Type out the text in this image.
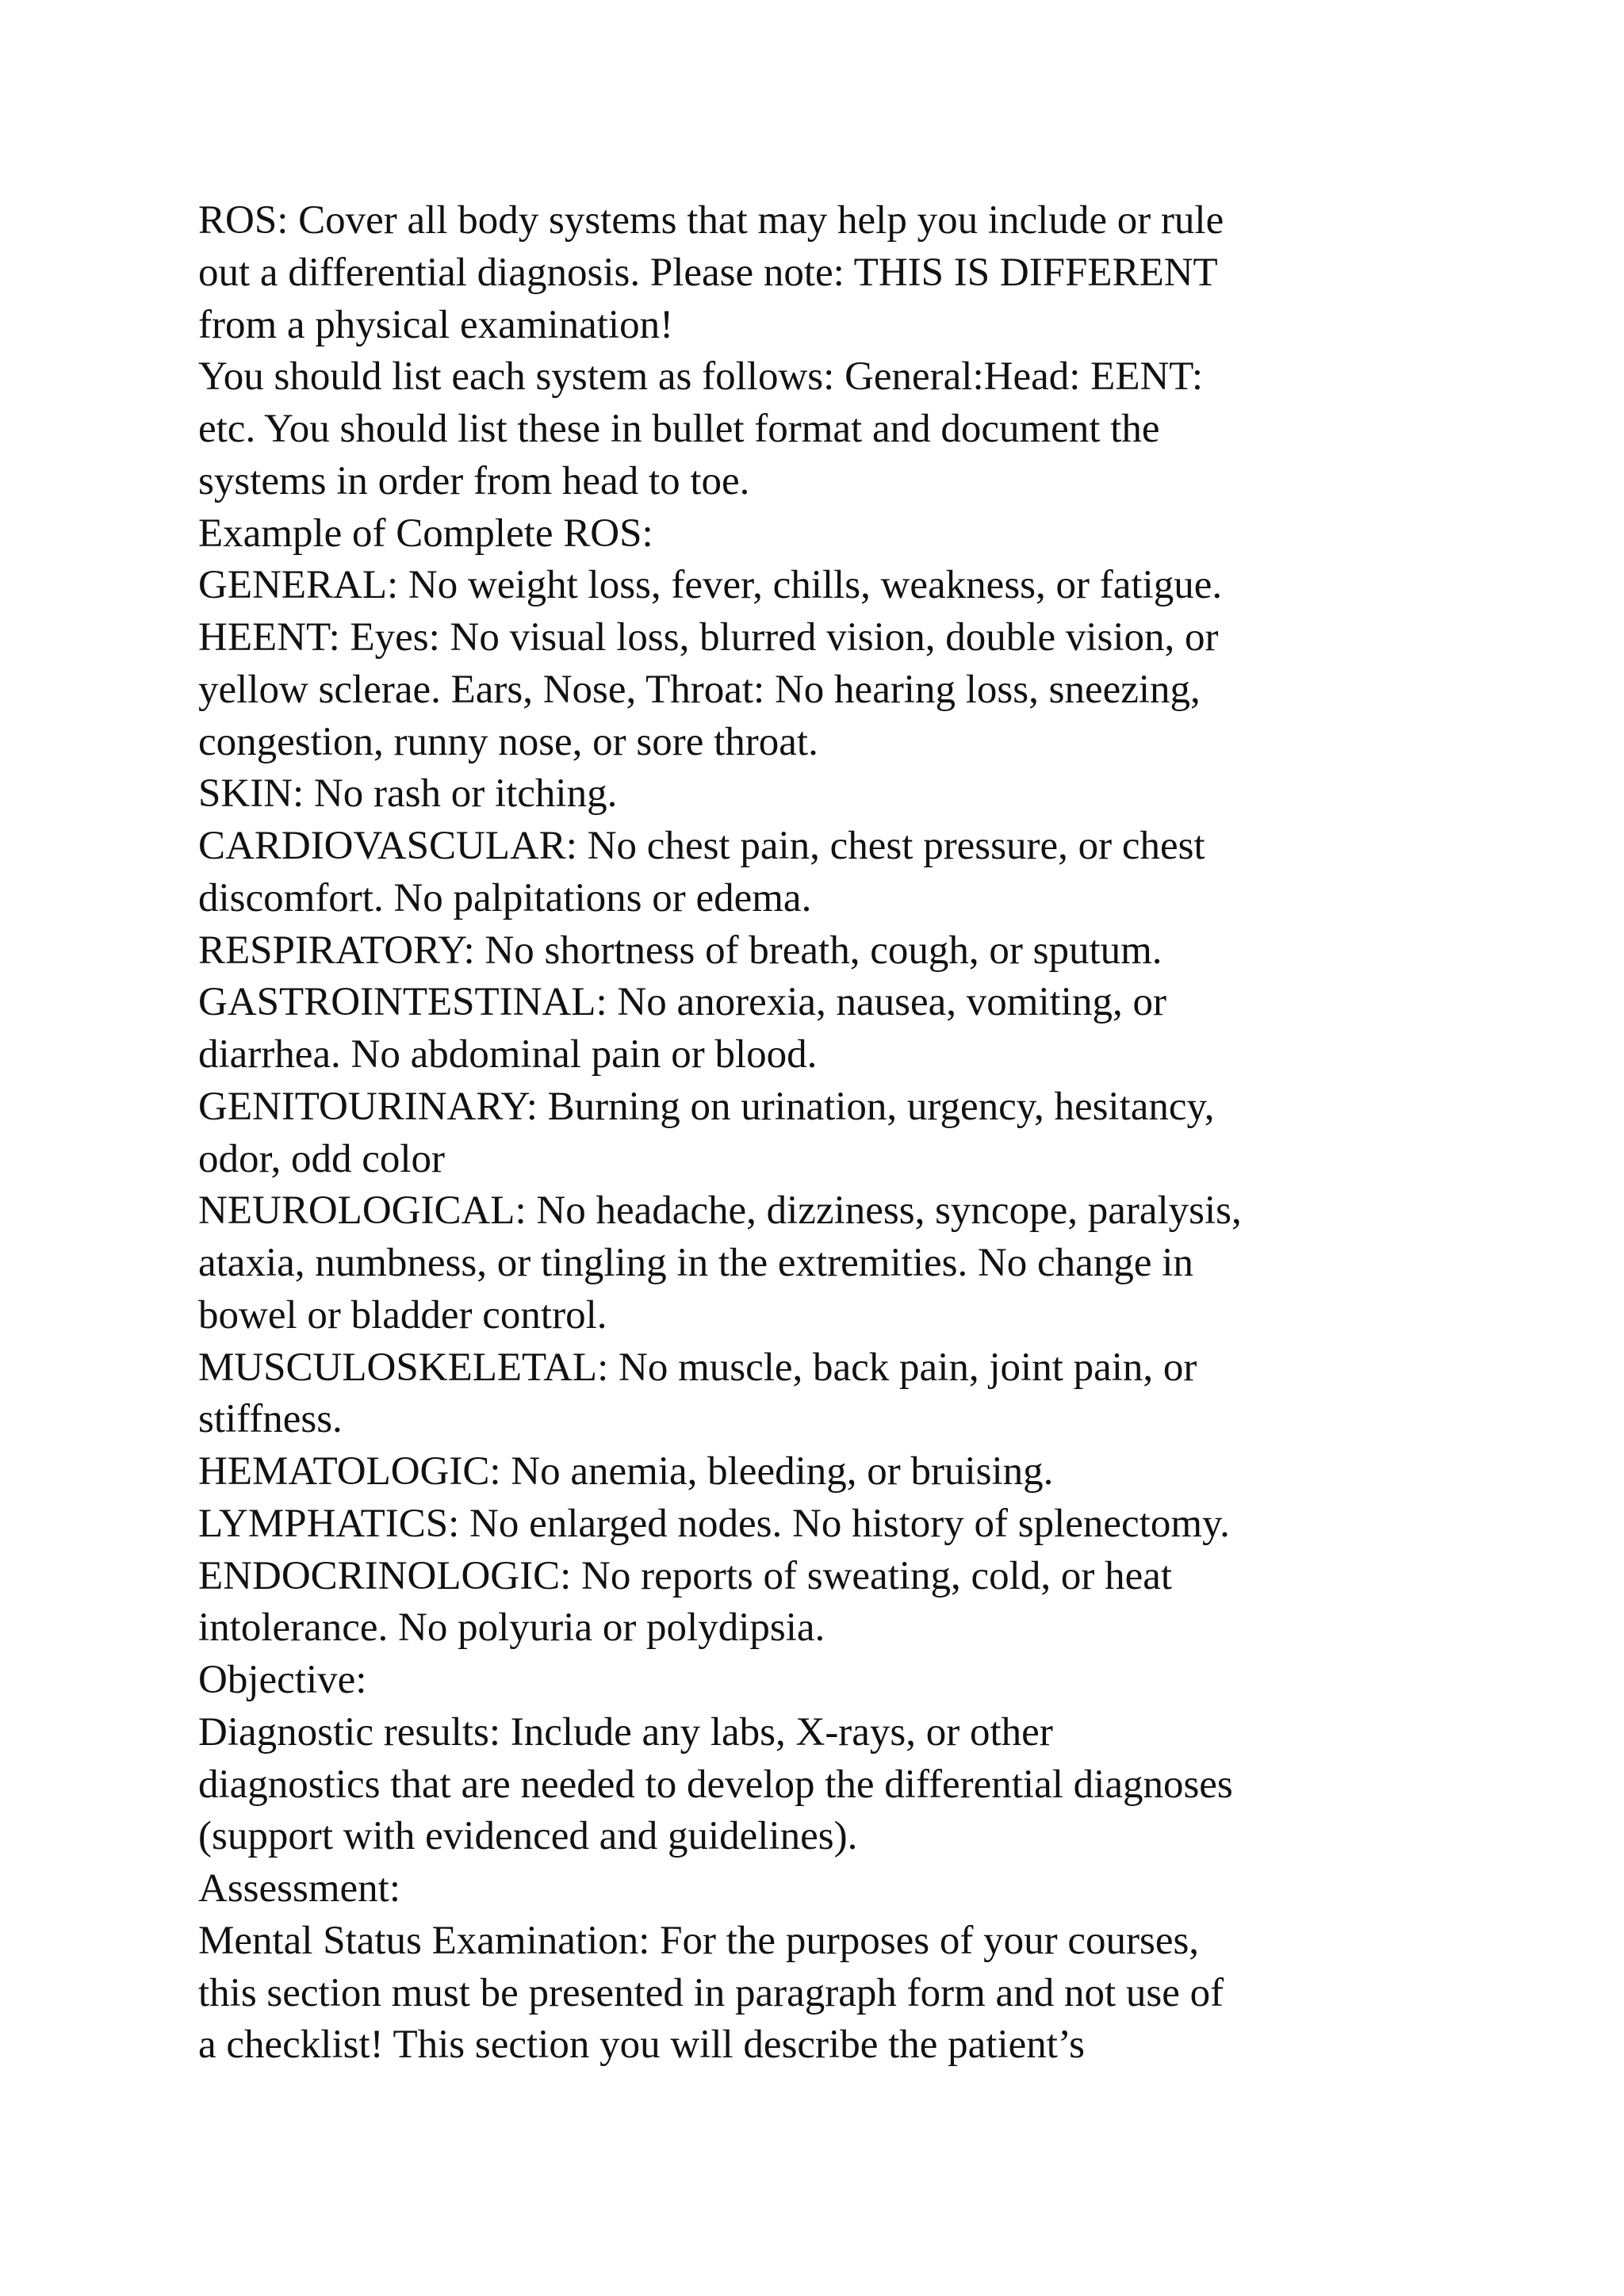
ROS: Cover all body systems that may help you include or rule

out a differential diagnosis. Please note: THIS IS DIFFERENT

from a physical examination!

You should list each system as follows: General:Head: EENT:

etc. You should list these in bullet format and document the

systems in order from head to toe.

Example of Complete ROS:

GENERAL: No weight loss, fever, chills, weakness, or fatigue.

HEENT: Eyes: No visual loss, blurred vision, double vision, or

yellow sclerae. Ears, Nose, Throat: No hearing loss, sneezing,

congestion, runny nose, or sore throat.

SKIN: No rash or itching.

CARDIOVASCULAR: No chest pain, chest pressure, or chest

discomfort. No palpitations or edema.

RESPIRATORY: No shortness of breath, cough, or sputum.

GASTROINTESTINAL: No anorexia, nausea, vomiting, or

diarrhea. No abdominal pain or blood.

GENITOURINARY: Burning on urination, urgency, hesitancy,

odor, odd color

NEUROLOGICAL: No headache, dizziness, syncope, paralysis,

ataxia, numbness, or tingling in the extremities. No change in

bowel or bladder control.

MUSCULOSKELETAL: No muscle, back pain, joint pain, or

stiffness.

HEMATOLOGIC: No anemia, bleeding, or bruising.

LYMPHATICS: No enlarged nodes. No history of splenectomy.

ENDOCRINOLOGIC: No reports of sweating, cold, or heat

intolerance. No polyuria or polydipsia.

Objective:

Diagnostic results: Include any labs, X-rays, or other

diagnostics that are needed to develop the differential diagnoses

(support with evidenced and guidelines).

Assessment:

Mental Status Examination: For the purposes of your courses,

this section must be presented in paragraph form and not use of

a checklist! This section you will describe the patient’s
